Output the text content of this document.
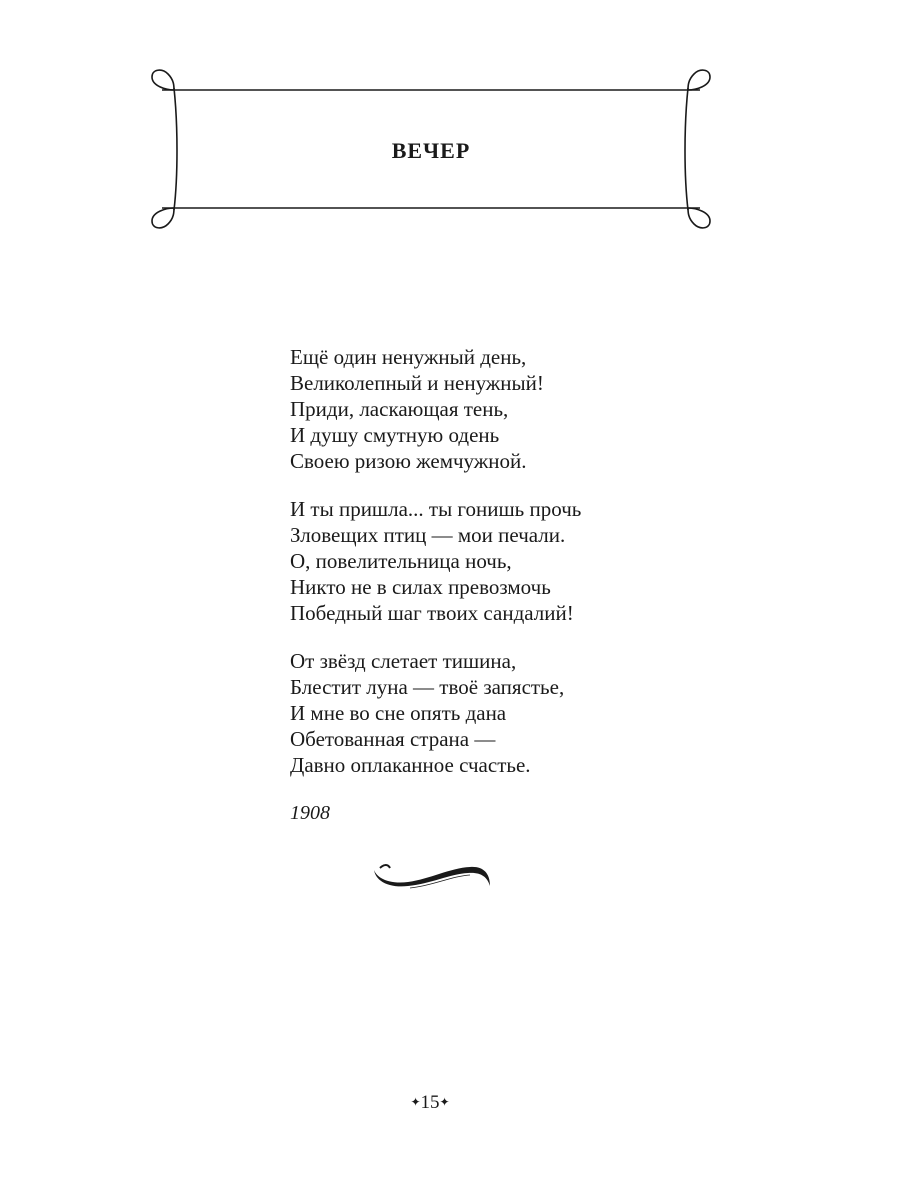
ВЕЧЕР
Ещё один ненужный день,
Великолепный и ненужный!
Приди, ласкающая тень,
И душу смутную одень
Своею ризою жемчужной.
И ты пришла... ты гонишь прочь
Зловещих птиц — мои печали.
О, повелительница ночь,
Никто не в силах превозмочь
Победный шаг твоих сандалий!
От звёзд слетает тишина,
Блестит луна — твоё запястье,
И мне во сне опять дана
Обетованная страна —
Давно оплаканное счастье.
1908
✦15✦
